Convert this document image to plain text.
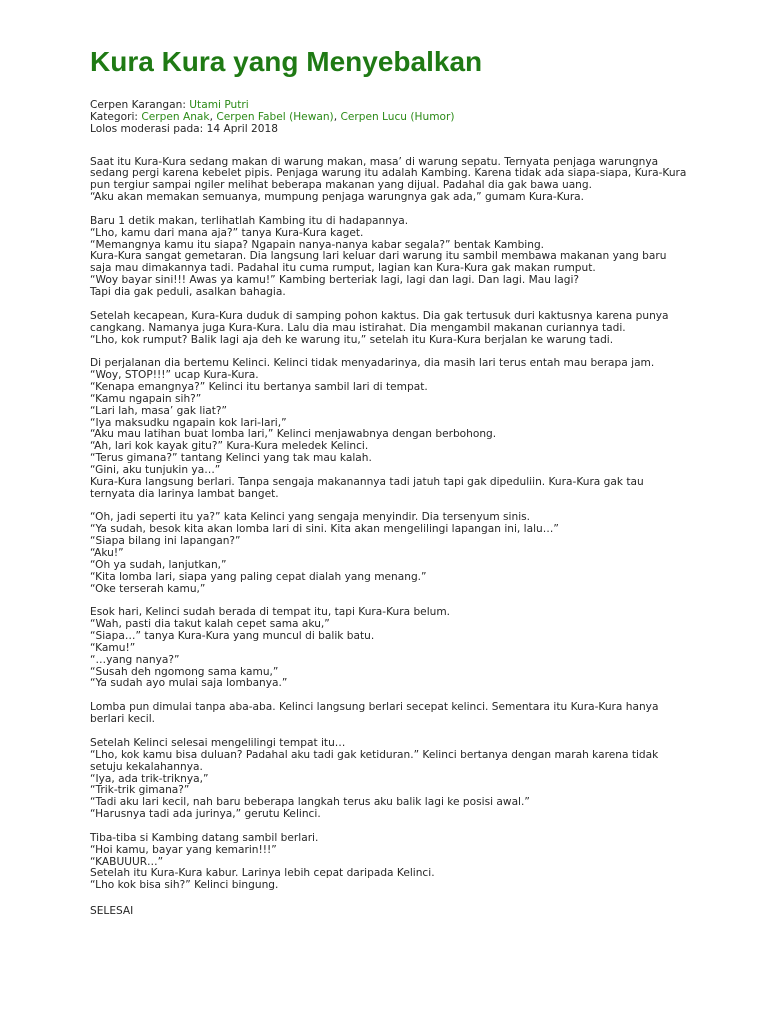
Kura Kura yang Menyebalkan
Cerpen Karangan: Utami Putri
Kategori: Cerpen Anak, Cerpen Fabel (Hewan), Cerpen Lucu (Humor)
Lolos moderasi pada: 14 April 2018
Saat itu Kura-Kura sedang makan di warung makan, masa’ di warung sepatu. Ternyata penjaga warungnya sedang pergi karena kebelet pipis. Penjaga warung itu adalah Kambing. Karena tidak ada siapa-siapa, Kura-Kura pun tergiur sampai ngiler melihat beberapa makanan yang dijual. Padahal dia gak bawa uang.
“Aku akan memakan semuanya, mumpung penjaga warungnya gak ada,” gumam Kura-Kura.
Baru 1 detik makan, terlihatlah Kambing itu di hadapannya.
“Lho, kamu dari mana aja?” tanya Kura-Kura kaget.
“Memangnya kamu itu siapa? Ngapain nanya-nanya kabar segala?” bentak Kambing.
Kura-Kura sangat gemetaran. Dia langsung lari keluar dari warung itu sambil membawa makanan yang baru saja mau dimakannya tadi. Padahal itu cuma rumput, lagian kan Kura-Kura gak makan rumput.
“Woy bayar sini!!! Awas ya kamu!” Kambing berteriak lagi, lagi dan lagi. Dan lagi. Mau lagi?
Tapi dia gak peduli, asalkan bahagia.
Setelah kecapean, Kura-Kura duduk di samping pohon kaktus. Dia gak tertusuk duri kaktusnya karena punya cangkang. Namanya juga Kura-Kura. Lalu dia mau istirahat. Dia mengambil makanan curiannya tadi.
“Lho, kok rumput? Balik lagi aja deh ke warung itu,” setelah itu Kura-Kura berjalan ke warung tadi.
Di perjalanan dia bertemu Kelinci. Kelinci tidak menyadarinya, dia masih lari terus entah mau berapa jam.
“Woy, STOP!!!” ucap Kura-Kura.
“Kenapa emangnya?” Kelinci itu bertanya sambil lari di tempat.
“Kamu ngapain sih?”
“Lari lah, masa’ gak liat?”
“Iya maksudku ngapain kok lari-lari,”
“Aku mau latihan buat lomba lari,” Kelinci menjawabnya dengan berbohong.
“Ah, lari kok kayak gitu?” Kura-Kura meledek Kelinci.
“Terus gimana?” tantang Kelinci yang tak mau kalah.
“Gini, aku tunjukin ya…”
Kura-Kura langsung berlari. Tanpa sengaja makanannya tadi jatuh tapi gak dipeduliin. Kura-Kura gak tau ternyata dia larinya lambat banget.
“Oh, jadi seperti itu ya?” kata Kelinci yang sengaja menyindir. Dia tersenyum sinis.
“Ya sudah, besok kita akan lomba lari di sini. Kita akan mengelilingi lapangan ini, lalu…”
“Siapa bilang ini lapangan?”
“Aku!”
“Oh ya sudah, lanjutkan,”
“Kita lomba lari, siapa yang paling cepat dialah yang menang.”
“Oke terserah kamu,”
Esok hari, Kelinci sudah berada di tempat itu, tapi Kura-Kura belum.
“Wah, pasti dia takut kalah cepet sama aku,”
“Siapa…” tanya Kura-Kura yang muncul di balik batu.
“Kamu!”
“…yang nanya?”
“Susah deh ngomong sama kamu,”
“Ya sudah ayo mulai saja lombanya.”
Lomba pun dimulai tanpa aba-aba. Kelinci langsung berlari secepat kelinci. Sementara itu Kura-Kura hanya berlari kecil.
Setelah Kelinci selesai mengelilingi tempat itu…
“Lho, kok kamu bisa duluan? Padahal aku tadi gak ketiduran.” Kelinci bertanya dengan marah karena tidak setuju kekalahannya.
“Iya, ada trik-triknya,”
“Trik-trik gimana?”
“Tadi aku lari kecil, nah baru beberapa langkah terus aku balik lagi ke posisi awal.”
“Harusnya tadi ada jurinya,” gerutu Kelinci.
Tiba-tiba si Kambing datang sambil berlari.
“Hoi kamu, bayar yang kemarin!!!”
“KABUUUR…”
Setelah itu Kura-Kura kabur. Larinya lebih cepat daripada Kelinci.
“Lho kok bisa sih?” Kelinci bingung.
SELESAI
